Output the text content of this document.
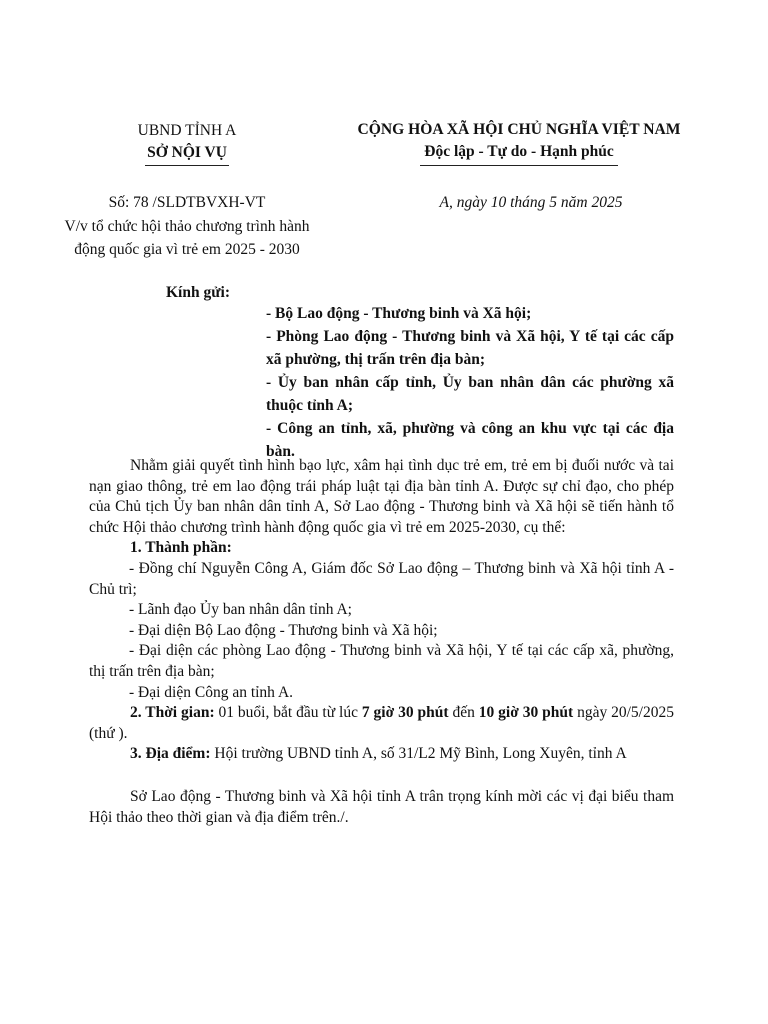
UBND TỈNH A
SỞ NỘI VỤ
CỘNG HÒA XÃ HỘI CHỦ NGHĨA VIỆT NAM
Độc lập - Tự do - Hạnh phúc
Số: 78 /SLDTBVXH-VT
V/v tổ chức hội thảo chương trình hành
động quốc gia vì trẻ em 2025 - 2030
A, ngày 10 tháng 5 năm 2025
Kính gửi:

- Bộ Lao động - Thương binh và Xã hội;

- Phòng Lao động - Thương binh và Xã hội, Y tế tại các cấp xã phường, thị trấn trên địa bàn;

- Ủy ban nhân cấp tỉnh, Ủy ban nhân dân các phường xã thuộc tỉnh A;

- Công an tỉnh, xã, phường và công an khu vực tại các địa bàn.

Nhằm giải quyết tình hình bạo lực, xâm hại tình dục trẻ em, trẻ em bị đuối nước và tai nạn giao thông, trẻ em lao động trái pháp luật tại địa bàn tỉnh A. Được sự chỉ đạo, cho phép của Chủ tịch Ủy ban nhân dân tỉnh A, Sở Lao động - Thương binh và Xã hội sẽ tiến hành tổ chức Hội thảo chương trình hành động quốc gia vì trẻ em 2025-2030, cụ thể:

1. Thành phần:

- Đồng chí Nguyễn Công A, Giám đốc Sở Lao động – Thương binh và Xã hội tỉnh A - Chủ trì;

- Lãnh đạo Ủy ban nhân dân tỉnh A;

- Đại diện Bộ Lao động - Thương binh và Xã hội;

- Đại diện các phòng Lao động - Thương binh và Xã hội, Y tế tại các cấp xã, phường, thị trấn trên địa bàn;

- Đại diện Công an tỉnh A.

2. Thời gian: 01 buổi, bắt đầu từ lúc 7 giờ 30 phút đến 10 giờ 30 phút ngày 20/5/2025 (thứ ).

3. Địa điểm: Hội trường UBND tỉnh A, số 31/L2 Mỹ Bình, Long Xuyên, tỉnh A

Sở Lao động - Thương binh và Xã hội tỉnh A trân trọng kính mời các vị đại biểu tham Hội thảo theo thời gian và địa điểm trên./.
